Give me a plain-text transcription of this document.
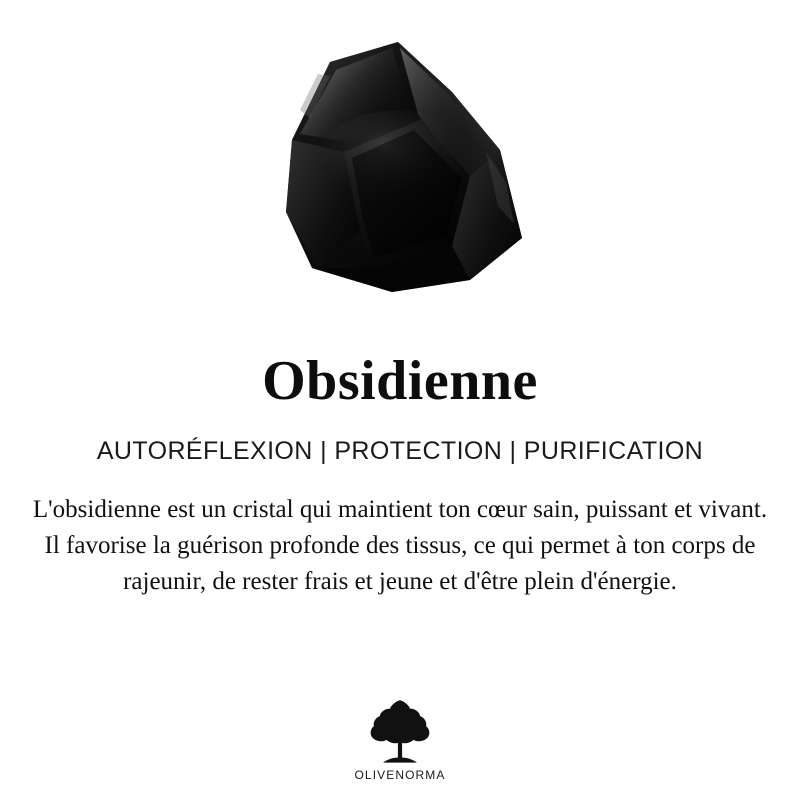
Obsidienne
AUTORÉFLEXION | PROTECTION | PURIFICATION

L'obsidienne est un cristal qui maintient ton cœur sain, puissant et vivant. Il favorise la guérison profonde des tissus, ce qui permet à ton corps de rajeunir, de rester frais et jeune et d'être plein d'énergie.

OLIVENORMA
